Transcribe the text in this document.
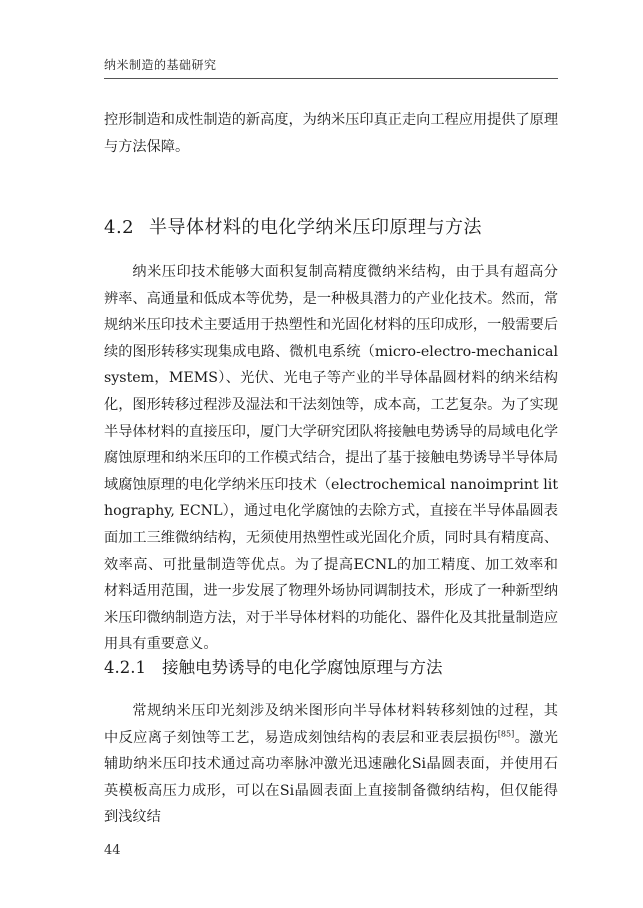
纳米制造的基础研究

控形制造和成性制造的新高度，为纳米压印真正走向工程应用提供了原理与方法保障。

4.2 半导体材料的电化学纳米压印原理与方法

纳米压印技术能够大面积复制高精度微纳米结构，由于具有超高分辨率、高通量和低成本等优势，是一种极具潜力的产业化技术。然而，常规纳米压印技术主要适用于热塑性和光固化材料的压印成形，一般需要后续的图形转移实现集成电路、微机电系统（micro-electro-mechanical system，MEMS）、光伏、光电子等产业的半导体晶圆材料的纳米结构化，图形转移过程涉及湿法和干法刻蚀等，成本高，工艺复杂。为了实现半导体材料的直接压印，厦门大学研究团队将接触电势诱导的局域电化学腐蚀原理和纳米压印的工作模式结合，提出了基于接触电势诱导半导体局域腐蚀原理的电化学纳米压印技术（electrochemical nanoimprint lithography, ECNL），通过电化学腐蚀的去除方式，直接在半导体晶圆表面加工三维微纳结构，无须使用热塑性或光固化介质，同时具有精度高、效率高、可批量制造等优点。为了提高ECNL的加工精度、加工效率和材料适用范围，进一步发展了物理外场协同调制技术，形成了一种新型纳米压印微纳制造方法，对于半导体材料的功能化、器件化及其批量制造应用具有重要意义。

4.2.1 接触电势诱导的电化学腐蚀原理与方法

常规纳米压印光刻涉及纳米图形向半导体材料转移刻蚀的过程，其中反应离子刻蚀等工艺，易造成刻蚀结构的表层和亚表层损伤[85]。激光辅助纳米压印技术通过高功率脉冲激光迅速融化Si晶圆表面，并使用石英模板高压力成形，可以在Si晶圆表面上直接制备微纳结构，但仅能得到浅纹结

44
